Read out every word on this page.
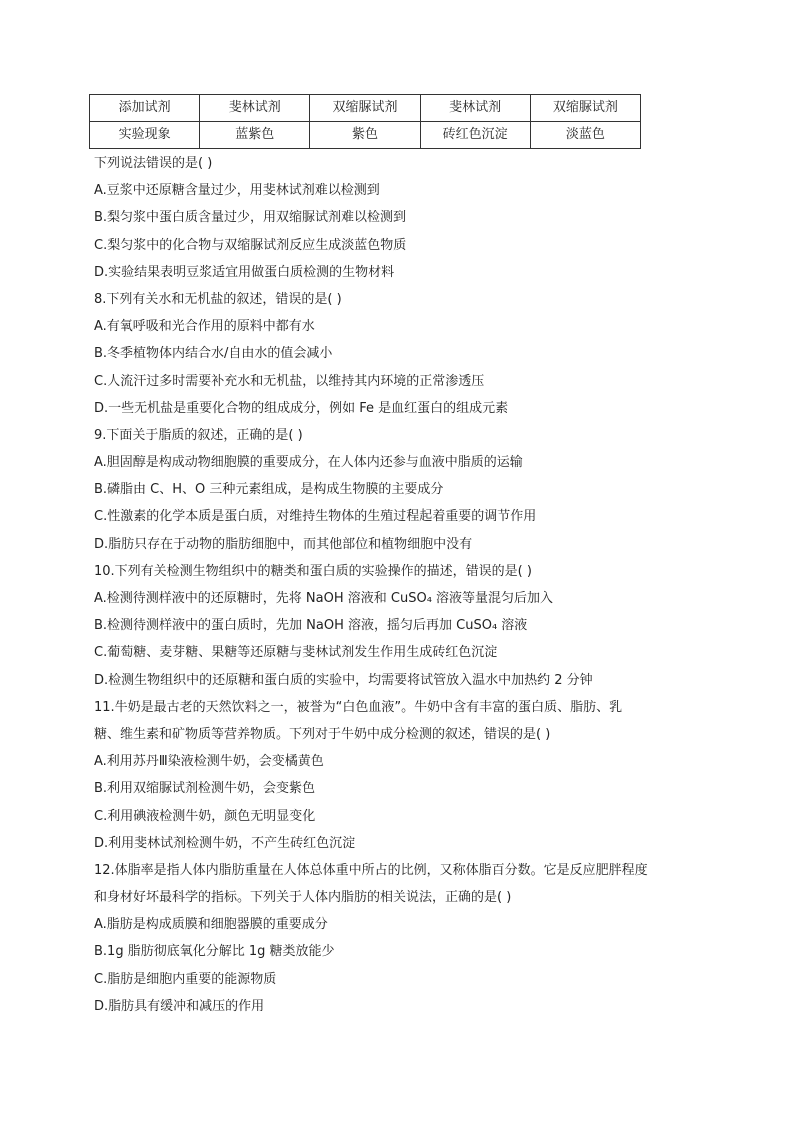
添加试剂	斐林试剂	双缩脲试剂	斐林试剂	双缩脲试剂
实验现象	蓝紫色	紫色	砖红色沉淀	淡蓝色
下列说法错误的是( )
A.豆浆中还原糖含量过少，用斐林试剂难以检测到
B.梨匀浆中蛋白质含量过少，用双缩脲试剂难以检测到
C.梨匀浆中的化合物与双缩脲试剂反应生成淡蓝色物质
D.实验结果表明豆浆适宜用做蛋白质检测的生物材料
8.下列有关水和无机盐的叙述，错误的是( )
A.有氧呼吸和光合作用的原料中都有水
B.冬季植物体内结合水/自由水的值会减小
C.人流汗过多时需要补充水和无机盐，以维持其内环境的正常渗透压
D.一些无机盐是重要化合物的组成成分，例如 Fe 是血红蛋白的组成元素
9.下面关于脂质的叙述，正确的是( )
A.胆固醇是构成动物细胞膜的重要成分，在人体内还参与血液中脂质的运输
B.磷脂由 C、H、O 三种元素组成，是构成生物膜的主要成分
C.性激素的化学本质是蛋白质，对维持生物体的生殖过程起着重要的调节作用
D.脂肪只存在于动物的脂肪细胞中，而其他部位和植物细胞中没有
10.下列有关检测生物组织中的糖类和蛋白质的实验操作的描述，错误的是( )
A.检测待测样液中的还原糖时，先将 NaOH 溶液和 CuSO₄ 溶液等量混匀后加入
B.检测待测样液中的蛋白质时，先加 NaOH 溶液，摇匀后再加 CuSO₄ 溶液
C.葡萄糖、麦芽糖、果糖等还原糖与斐林试剂发生作用生成砖红色沉淀
D.检测生物组织中的还原糖和蛋白质的实验中，均需要将试管放入温水中加热约 2 分钟
11.牛奶是最古老的天然饮料之一，被誉为“白色血液”。牛奶中含有丰富的蛋白质、脂肪、乳
糖、维生素和矿物质等营养物质。下列对于牛奶中成分检测的叙述，错误的是( )
A.利用苏丹Ⅲ染液检测牛奶，会变橘黄色
B.利用双缩脲试剂检测牛奶，会变紫色
C.利用碘液检测牛奶，颜色无明显变化
D.利用斐林试剂检测牛奶，不产生砖红色沉淀
12.体脂率是指人体内脂肪重量在人体总体重中所占的比例，又称体脂百分数。它是反应肥胖程度
和身材好坏最科学的指标。下列关于人体内脂肪的相关说法，正确的是( )
A.脂肪是构成质膜和细胞器膜的重要成分
B.1g 脂肪彻底氧化分解比 1g 糖类放能少
C.脂肪是细胞内重要的能源物质
D.脂肪具有缓冲和减压的作用
